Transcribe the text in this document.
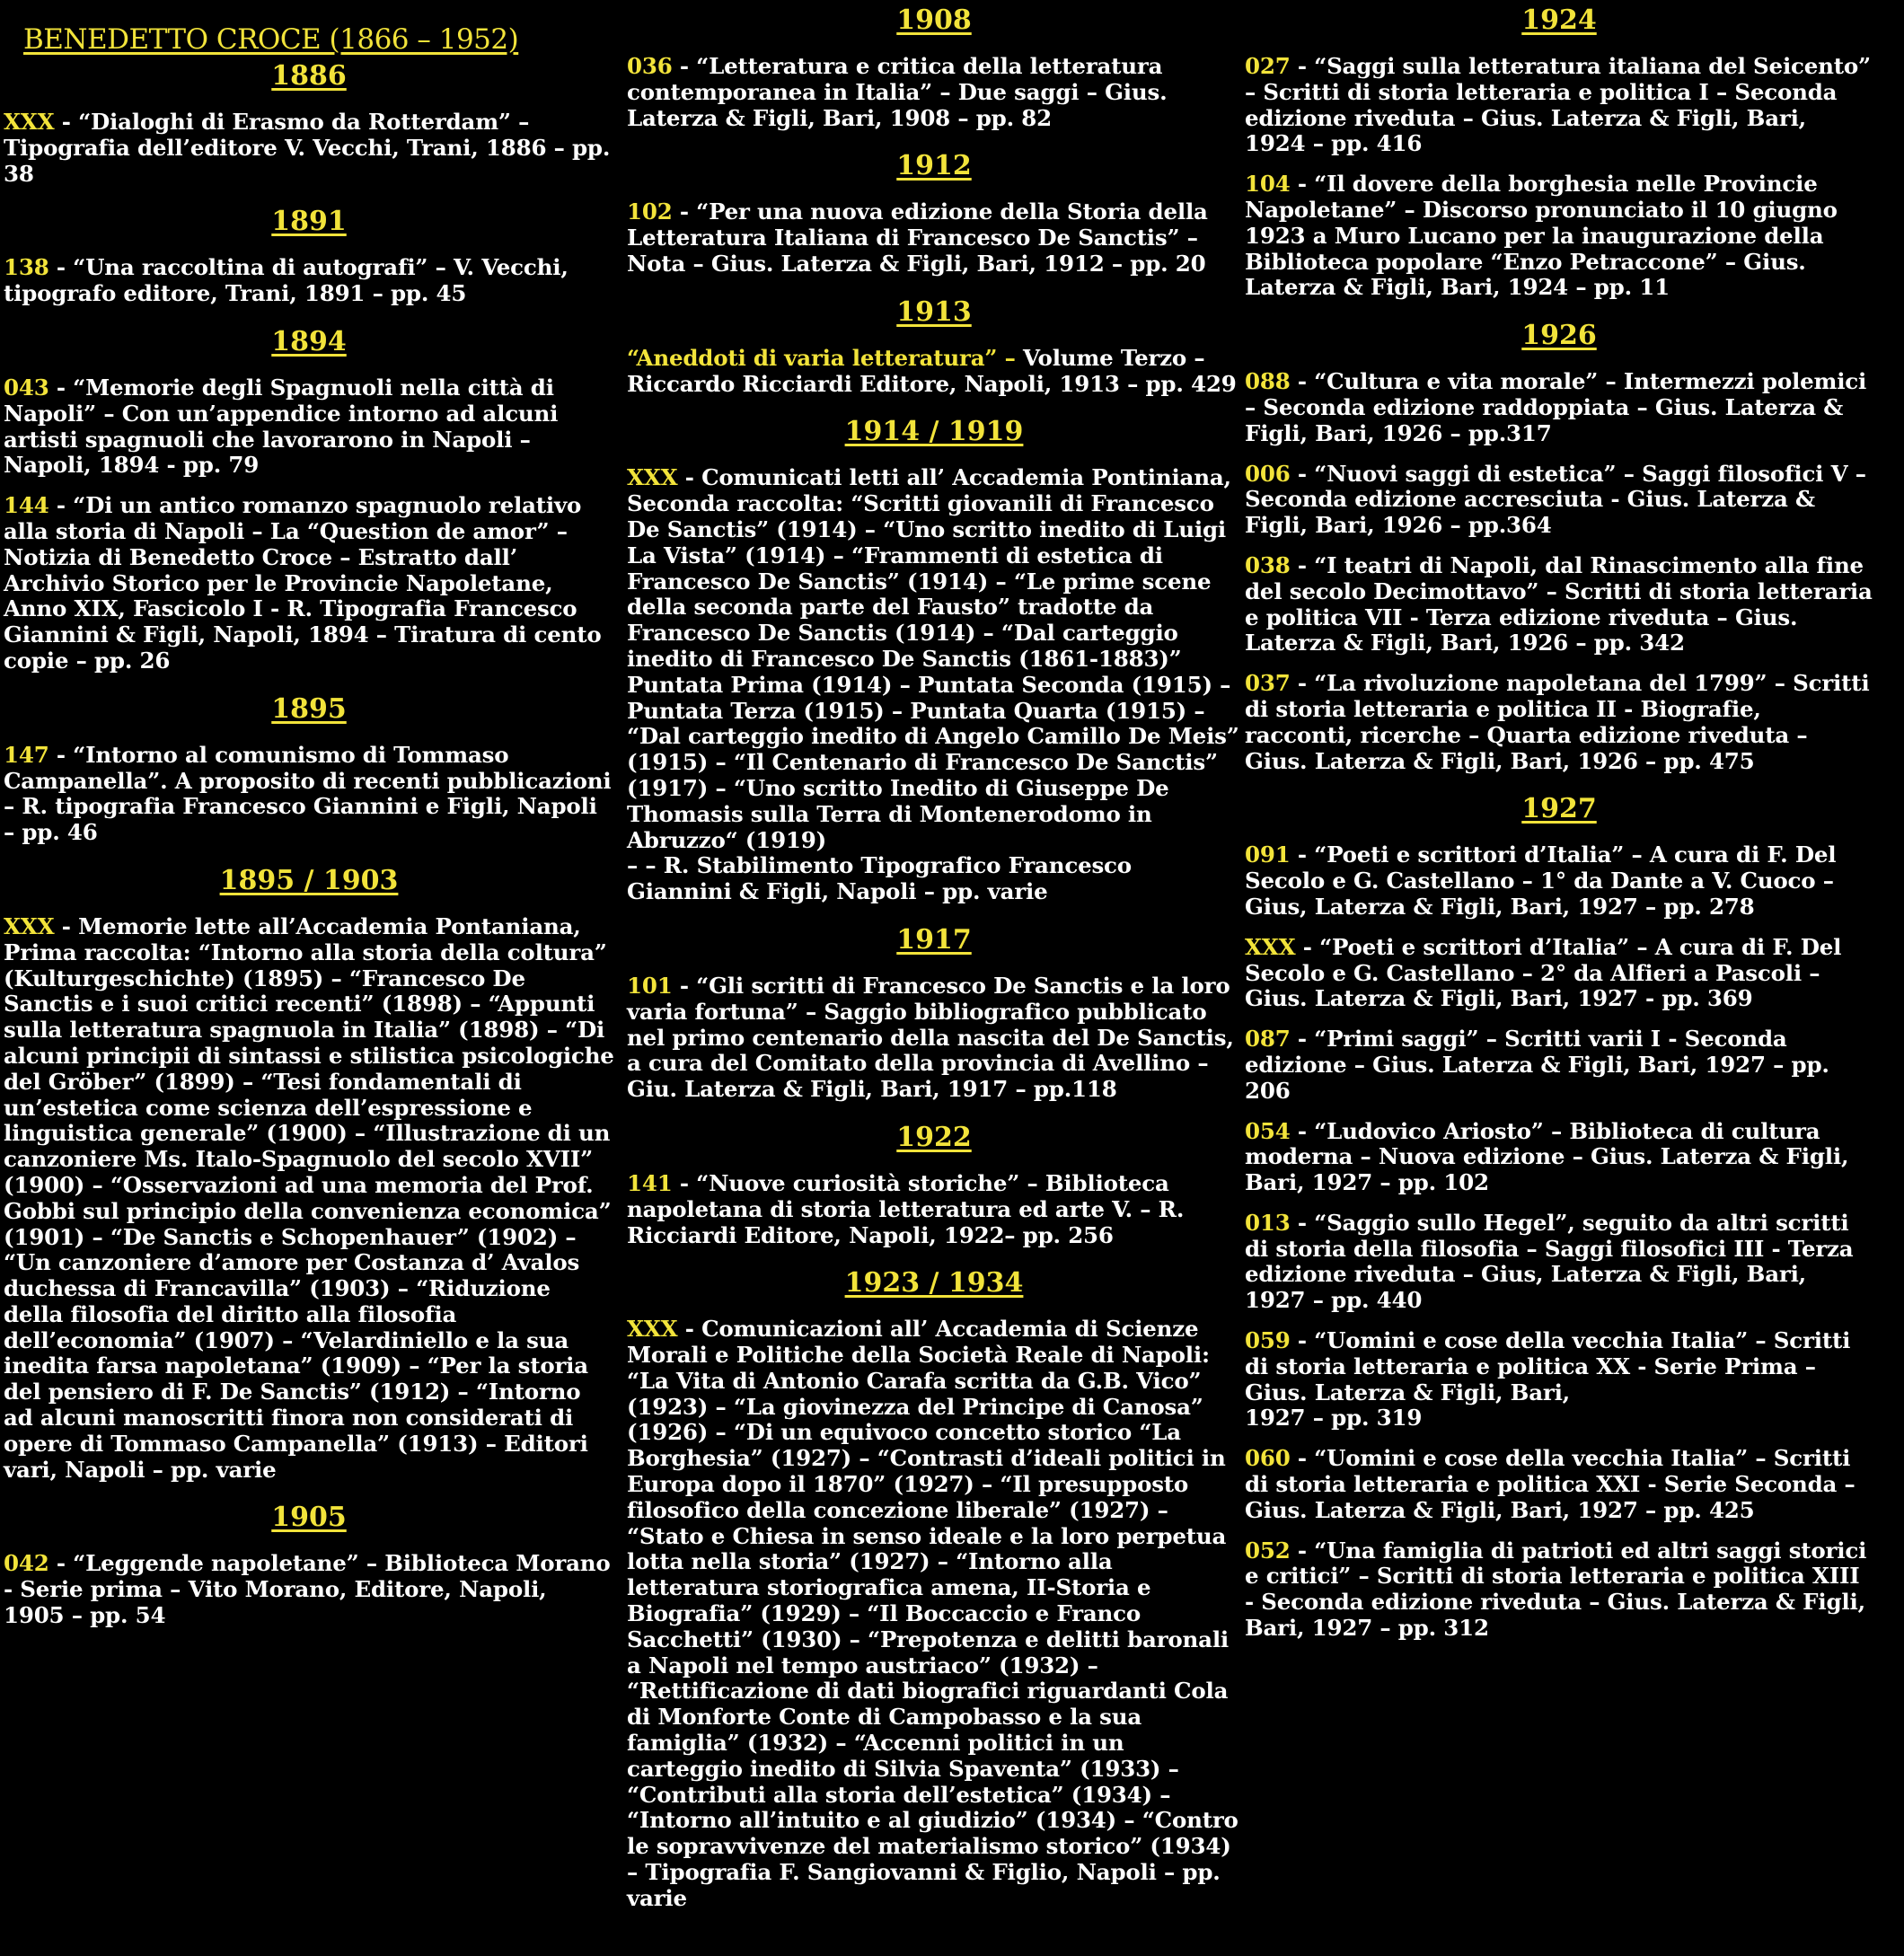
BENEDETTO CROCE (1866 – 1952)
1886
XXX - “Dialoghi di Erasmo da Rotterdam” – Tipografia dell’editore V. Vecchi, Trani, 1886 – pp. 38
1891
138 - “Una raccoltina di autografi” – V. Vecchi, tipografo editore, Trani, 1891 – pp. 45
1894
043 - “Memorie degli Spagnuoli nella città di Napoli” – Con un’appendice intorno ad alcuni artisti spagnuoli che lavorarono in Napoli – Napoli, 1894 - pp. 79
144 - “Di un antico romanzo spagnuolo relativo alla storia di Napoli – La “Question de amor” – Notizia di Benedetto Croce – Estratto dall’ Archivio Storico per le Provincie Napoletane, Anno XIX, Fascicolo I - R. Tipografia Francesco Giannini & Figli, Napoli, 1894 – Tiratura di cento copie – pp. 26
1895
147 - “Intorno al comunismo di Tommaso Campanella”. A proposito di recenti pubblicazioni – R. tipografia Francesco Giannini e Figli, Napoli – pp. 46
1895 / 1903
XXX - Memorie lette all’Accademia Pontaniana, Prima raccolta: “Intorno alla storia della coltura” (Kulturgeschichte) (1895) – “Francesco De Sanctis e i suoi critici recenti” (1898) – “Appunti sulla letteratura spagnuola in Italia” (1898) – “Di alcuni principii di sintassi e stilistica psicologiche del Gröber” (1899) – “Tesi fondamentali di un’estetica come scienza dell’espressione e linguistica generale” (1900) – “Illustrazione di un canzoniere Ms. Italo-Spagnuolo del secolo XVII” (1900) – “Osservazioni ad una memoria del Prof. Gobbi sul principio della convenienza economica” (1901) – “De Sanctis e Schopenhauer” (1902) – “Un canzoniere d’amore per Costanza d’ Avalos duchessa di Francavilla” (1903) – “Riduzione della filosofia del diritto alla filosofia dell’economia” (1907) – “Velardiniello e la sua inedita farsa napoletana” (1909) – “Per la storia del pensiero di F. De Sanctis” (1912) – “Intorno ad alcuni manoscritti finora non considerati di opere di Tommaso Campanella” (1913) – Editori vari, Napoli – pp. varie
1905
042 - “Leggende napoletane” – Biblioteca Morano - Serie prima – Vito Morano, Editore, Napoli, 1905 – pp. 54
1908
036 - “Letteratura e critica della letteratura contemporanea in Italia” – Due saggi – Gius. Laterza & Figli, Bari, 1908 – pp. 82
1912
102 - “Per una nuova edizione della Storia della Letteratura Italiana di Francesco De Sanctis” – Nota – Gius. Laterza & Figli, Bari, 1912 – pp. 20
1913
“Aneddoti di varia letteratura” – Volume Terzo – Riccardo Ricciardi Editore, Napoli, 1913 – pp. 429
1914 / 1919
XXX - Comunicati letti all’ Accademia Pontiniana, Seconda raccolta: “Scritti giovanili di Francesco De Sanctis” (1914) – “Uno scritto inedito di Luigi La Vista” (1914) – “Frammenti di estetica di Francesco De Sanctis” (1914) – “Le prime scene della seconda parte del Fausto” tradotte da Francesco De Sanctis (1914) – “Dal carteggio inedito di Francesco De Sanctis (1861-1883)” Puntata Prima (1914) – Puntata Seconda (1915) – Puntata Terza (1915) – Puntata Quarta (1915) – “Dal carteggio inedito di Angelo Camillo De Meis” (1915) – “Il Centenario di Francesco De Sanctis” (1917) – “Uno scritto Inedito di Giuseppe De Thomasis sulla Terra di Montenerodomo in Abruzzo“ (1919)
– – R. Stabilimento Tipografico Francesco Giannini & Figli, Napoli – pp. varie
1917
101 - “Gli scritti di Francesco De Sanctis e la loro varia fortuna” – Saggio bibliografico pubblicato nel primo centenario della nascita del De Sanctis, a cura del Comitato della provincia di Avellino – Giu. Laterza & Figli, Bari, 1917 – pp.118
1922
141 - “Nuove curiosità storiche” – Biblioteca napoletana di storia letteratura ed arte V. – R. Ricciardi Editore, Napoli, 1922– pp. 256
1923 / 1934
XXX - Comunicazioni all’ Accademia di Scienze Morali e Politiche della Società Reale di Napoli: “La Vita di Antonio Carafa scritta da G.B. Vico” (1923) – “La giovinezza del Principe di Canosa” (1926) – “Di un equivoco concetto storico “La Borghesia” (1927) – “Contrasti d’ideali politici in Europa dopo il 1870” (1927) – “Il presupposto filosofico della concezione liberale” (1927) – “Stato e Chiesa in senso ideale e la loro perpetua lotta nella storia” (1927) – “Intorno alla letteratura storiografica amena, II-Storia e Biografia” (1929) – “Il Boccaccio e Franco Sacchetti” (1930) – “Prepotenza e delitti baronali a Napoli nel tempo austriaco” (1932) – “Rettificazione di dati biografici riguardanti Cola di Monforte Conte di Campobasso e la sua famiglia” (1932) – “Accenni politici in un carteggio inedito di Silvia Spaventa” (1933) – “Contributi alla storia dell’estetica” (1934) – “Intorno all’intuito e al giudizio” (1934) – “Contro le sopravvivenze del materialismo storico” (1934) – Tipografia F. Sangiovanni & Figlio, Napoli – pp. varie
1924
027 - “Saggi sulla letteratura italiana del Seicento” – Scritti di storia letteraria e politica I – Seconda edizione riveduta – Gius. Laterza & Figli, Bari, 1924 – pp. 416
104 - “Il dovere della borghesia nelle Provincie Napoletane” – Discorso pronunciato il 10 giugno 1923 a Muro Lucano per la inaugurazione della Biblioteca popolare “Enzo Petraccone” – Gius. Laterza & Figli, Bari, 1924 – pp. 11
1926
088 - “Cultura e vita morale” – Intermezzi polemici – Seconda edizione raddoppiata – Gius. Laterza & Figli, Bari, 1926 – pp.317
006 - “Nuovi saggi di estetica” – Saggi filosofici V – Seconda edizione accresciuta - Gius. Laterza & Figli, Bari, 1926 – pp.364
038 - “I teatri di Napoli, dal Rinascimento alla fine del secolo Decimottavo” – Scritti di storia letteraria e politica VII - Terza edizione riveduta – Gius. Laterza & Figli, Bari, 1926 – pp. 342
037 - “La rivoluzione napoletana del 1799” – Scritti di storia letteraria e politica II - Biografie, racconti, ricerche – Quarta edizione riveduta – Gius. Laterza & Figli, Bari, 1926 – pp. 475
1927
091 - “Poeti e scrittori d’Italia” – A cura di F. Del Secolo e G. Castellano – 1° da Dante a V. Cuoco – Gius, Laterza & Figli, Bari, 1927 – pp. 278
XXX - “Poeti e scrittori d’Italia” – A cura di F. Del Secolo e G. Castellano – 2° da Alfieri a Pascoli – Gius. Laterza & Figli, Bari, 1927 - pp. 369
087 - “Primi saggi” – Scritti varii I - Seconda edizione – Gius. Laterza & Figli, Bari, 1927 – pp. 206
054 - “Ludovico Ariosto” – Biblioteca di cultura moderna – Nuova edizione – Gius. Laterza & Figli, Bari, 1927 – pp. 102
013 - “Saggio sullo Hegel”, seguito da altri scritti di storia della filosofia – Saggi filosofici III - Terza edizione riveduta – Gius, Laterza & Figli, Bari, 1927 – pp. 440
059 - “Uomini e cose della vecchia Italia” – Scritti di storia letteraria e politica XX - Serie Prima – Gius. Laterza & Figli, Bari,
1927 – pp. 319
060 - “Uomini e cose della vecchia Italia” – Scritti di storia letteraria e politica XXI - Serie Seconda – Gius. Laterza & Figli, Bari, 1927 – pp. 425
052 - “Una famiglia di patrioti ed altri saggi storici e critici” – Scritti di storia letteraria e politica XIII - Seconda edizione riveduta – Gius. Laterza & Figli, Bari, 1927 – pp. 312
